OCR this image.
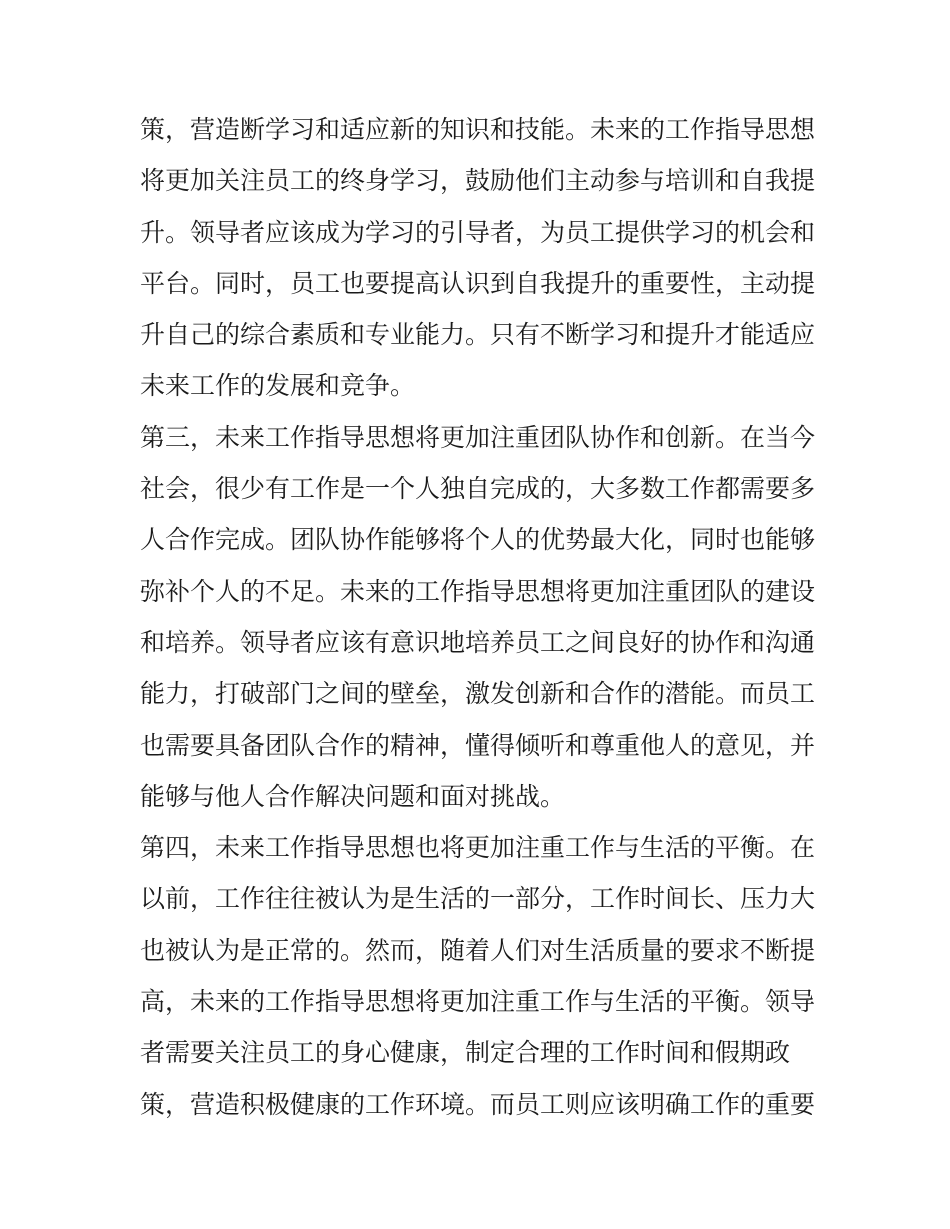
策，营造断学习和适应新的知识和技能。未来的工作指导思想
将更加关注员工的终身学习，鼓励他们主动参与培训和自我提
升。领导者应该成为学习的引导者，为员工提供学习的机会和
平台。同时，员工也要提高认识到自我提升的重要性，主动提
升自己的综合素质和专业能力。只有不断学习和提升才能适应
未来工作的发展和竞争。
第三，未来工作指导思想将更加注重团队协作和创新。在当今
社会，很少有工作是一个人独自完成的，大多数工作都需要多
人合作完成。团队协作能够将个人的优势最大化，同时也能够
弥补个人的不足。未来的工作指导思想将更加注重团队的建设
和培养。领导者应该有意识地培养员工之间良好的协作和沟通
能力，打破部门之间的壁垒，激发创新和合作的潜能。而员工
也需要具备团队合作的精神，懂得倾听和尊重他人的意见，并
能够与他人合作解决问题和面对挑战。
第四，未来工作指导思想也将更加注重工作与生活的平衡。在
以前，工作往往被认为是生活的一部分，工作时间长、压力大
也被认为是正常的。然而，随着人们对生活质量的要求不断提
高，未来的工作指导思想将更加注重工作与生活的平衡。领导
者需要关注员工的身心健康，制定合理的工作时间和假期政
策，营造积极健康的工作环境。而员工则应该明确工作的重要
